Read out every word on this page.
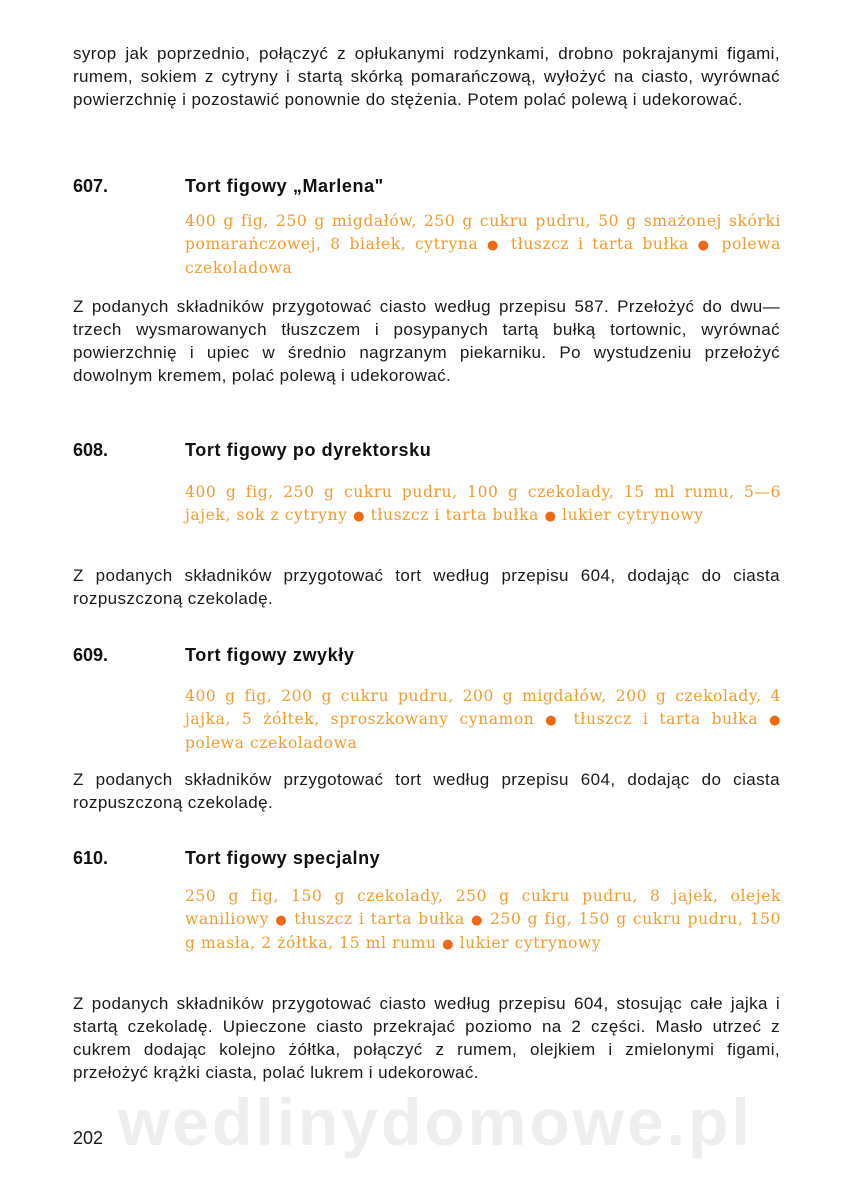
syrop jak poprzednio, połączyć z opłukanymi rodzynkami, drobno pokrajanymi figami, rumem, sokiem z cytryny i startą skórką pomarańczową, wyłożyć na ciasto, wyrównać powierzchnię i pozostawić ponownie do stężenia. Potem polać polewą i udekorować.

607.	Tort figowy „Marlena"

400 g fig, 250 g migdałów, 250 g cukru pudru, 50 g smażonej skórki pomarańczowej, 8 białek, cytryna ● tłuszcz i tarta bułka ● polewa czekoladowa

Z podanych składników przygotować ciasto według przepisu 587. Przełożyć do dwu—trzech wysmarowanych tłuszczem i posypanych tartą bułką tortownic, wyrównać powierzchnię i upiec w średnio nagrzanym piekarniku. Po wystudzeniu przełożyć dowolnym kremem, polać polewą i udekorować.

608.	Tort figowy po dyrektorsku

400 g fig, 250 g cukru pudru, 100 g czekolady, 15 ml rumu, 5—6 jajek, sok z cytryny ● tłuszcz i tarta bułka ● lukier cytrynowy

Z podanych składników przygotować tort według przepisu 604, dodając do ciasta rozpuszczoną czekoladę.

609.	Tort figowy zwykły

400 g fig, 200 g cukru pudru, 200 g migdałów, 200 g czekolady, 4 jajka, 5 żółtek, sproszkowany cynamon ● tłuszcz i tarta bułka ● polewa czekoladowa

Z podanych składników przygotować tort według przepisu 604, dodając do ciasta rozpuszczoną czekoladę.

610.	Tort figowy specjalny

250 g fig, 150 g czekolady, 250 g cukru pudru, 8 jajek, olejek waniliowy ● tłuszcz i tarta bułka ● 250 g fig, 150 g cukru pudru, 150 g masła, 2 żółtka, 15 ml rumu ● lukier cytrynowy

Z podanych składników przygotować ciasto według przepisu 604, stosując całe jajka i startą czekoladę. Upieczone ciasto przekrajać poziomo na 2 części. Masło utrzeć z cukrem dodając kolejno żółtka, połączyć z rumem, olejkiem i zmielonymi figami, przełożyć krążki ciasta, polać lukrem i udekorować.

wedlinydomowe.pl

202
